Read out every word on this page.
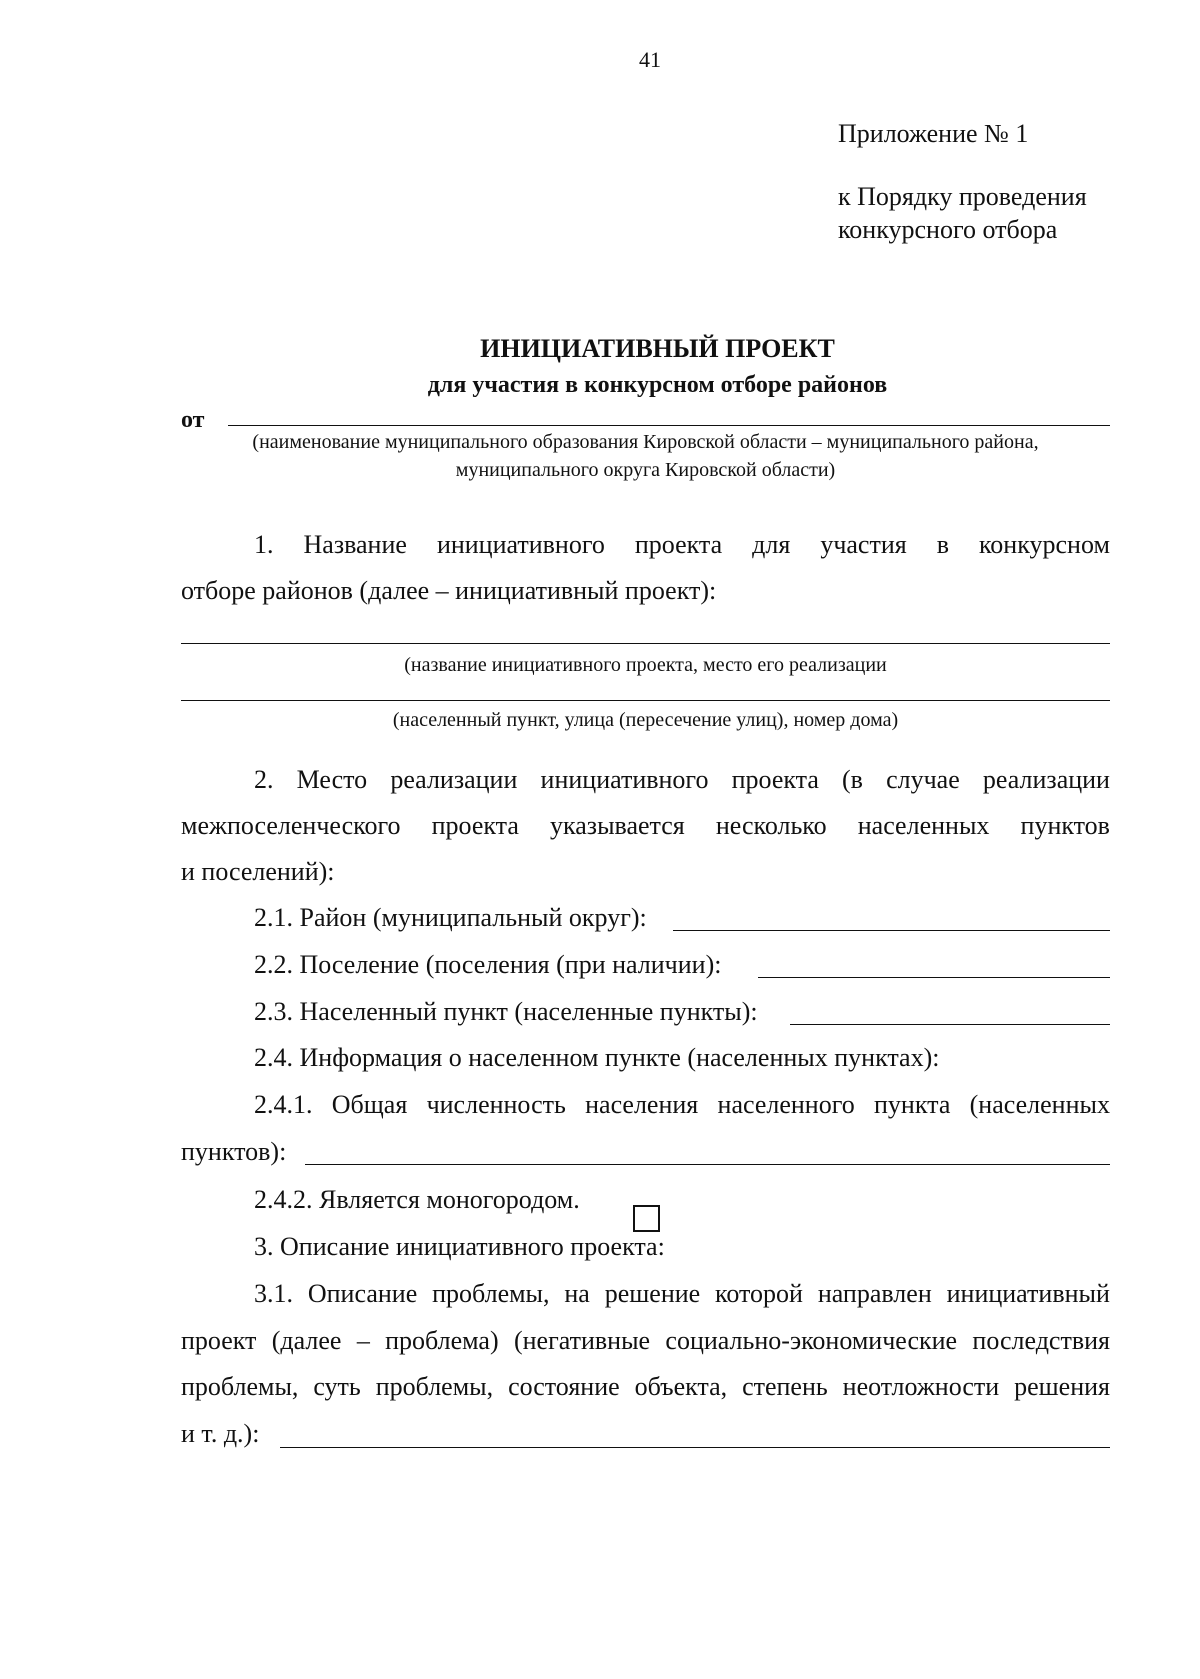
41
Приложение № 1
к Порядку проведения
конкурсного отбора
ИНИЦИАТИВНЫЙ ПРОЕКТ
для участия в конкурсном отборе районов
от
(наименование муниципального образования Кировской области – муниципального района,
муниципального округа Кировской области)
1. Название инициативного проекта для участия в конкурсном
отборе районов (далее – инициативный проект):
(название инициативного проекта, место его реализации
(населенный пункт, улица (пересечение улиц), номер дома)
2. Место реализации инициативного проекта (в случае реализации
межпоселенческого проекта указывается несколько населенных пунктов
и поселений):
2.1. Район (муниципальный округ):
2.2. Поселение (поселения (при наличии):
2.3. Населенный пункт (населенные пункты):
2.4. Информация о населенном пункте (населенных пунктах):
2.4.1. Общая численность населения населенного пункта (населенных
пунктов):
2.4.2. Является моногородом.
3. Описание инициативного проекта:
3.1. Описание проблемы, на решение которой направлен инициативный
проект (далее – проблема) (негативные социально-экономические последствия
проблемы, суть проблемы, состояние объекта, степень неотложности решения
и т. д.):
